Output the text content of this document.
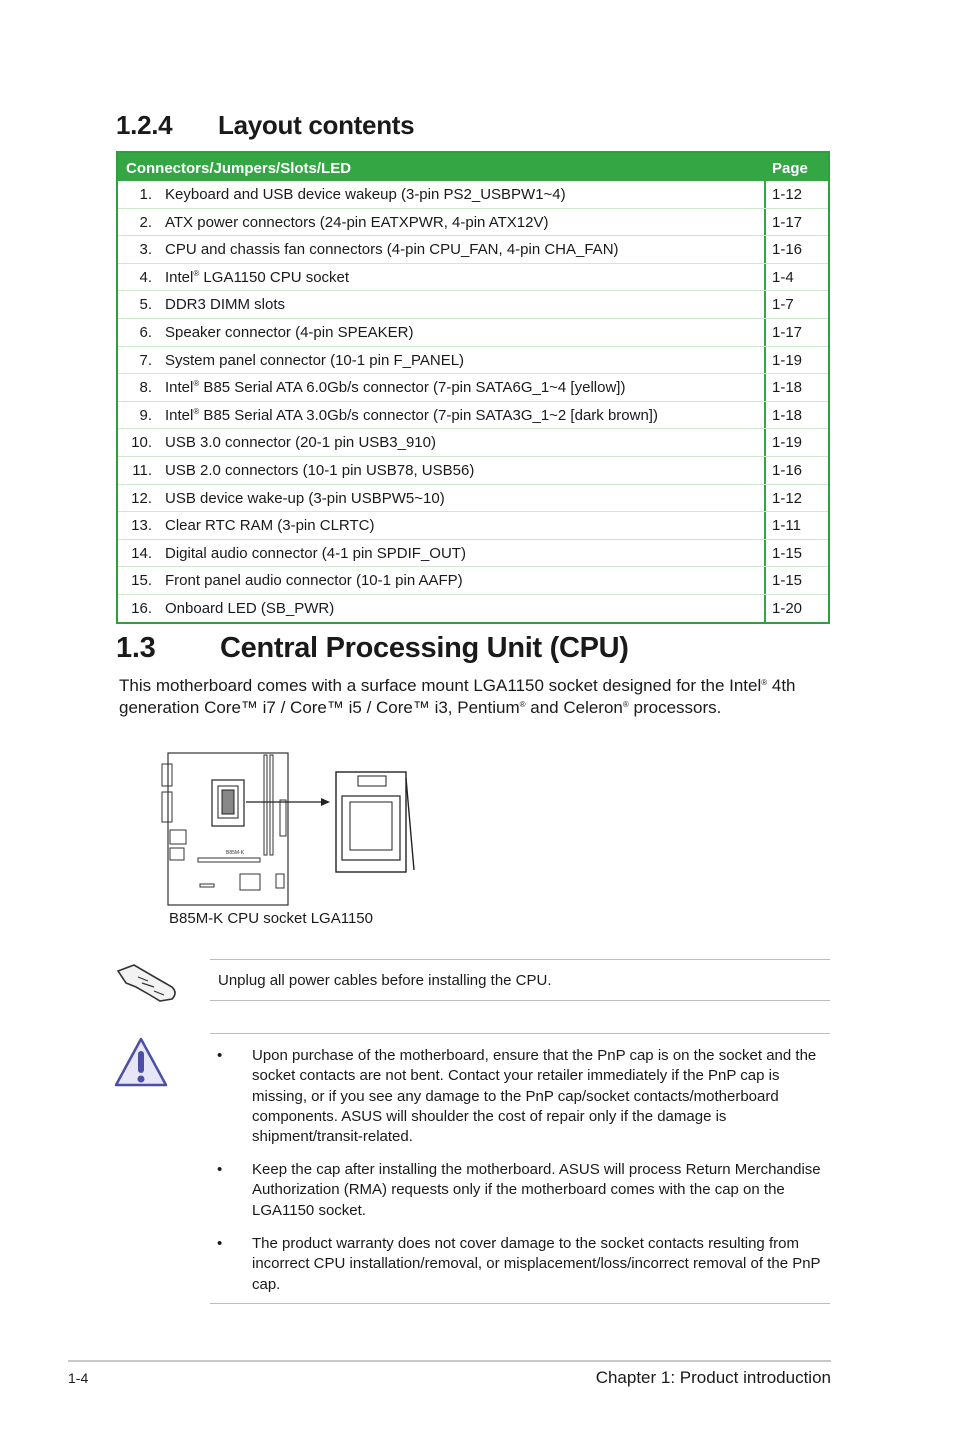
1.2.4 Layout contents
Connectors/Jumpers/Slots/LED	Page
1. Keyboard and USB device wakeup (3-pin PS2_USBPW1~4)	1-12
2. ATX power connectors (24-pin EATXPWR, 4-pin ATX12V)	1-17
3. CPU and chassis fan connectors (4-pin CPU_FAN, 4-pin CHA_FAN)	1-16
4. Intel® LGA1150 CPU socket	1-4
5. DDR3 DIMM slots	1-7
6. Speaker connector (4-pin SPEAKER)	1-17
7. System panel connector (10-1 pin F_PANEL)	1-19
8. Intel® B85 Serial ATA 6.0Gb/s connector (7-pin SATA6G_1~4 [yellow])	1-18
9. Intel® B85 Serial ATA 3.0Gb/s connector (7-pin SATA3G_1~2 [dark brown])	1-18
10. USB 3.0 connector (20-1 pin USB3_910)	1-19
11. USB 2.0 connectors (10-1 pin USB78, USB56)	1-16
12. USB device wake-up (3-pin USBPW5~10)	1-12
13. Clear RTC RAM (3-pin CLRTC)	1-11
14. Digital audio connector (4-1 pin SPDIF_OUT)	1-15
15. Front panel audio connector (10-1 pin AAFP)	1-15
16. Onboard LED (SB_PWR)	1-20
1.3 Central Processing Unit (CPU)

This motherboard comes with a surface mount LGA1150 socket designed for the Intel® 4th

generation Core™ i7 / Core™ i5 / Core™ i3, Pentium® and Celeron® processors.

B85M-K
B85M-K CPU socket LGA1150
Unplug all power cables before installing the CPU.
• Upon purchase of the motherboard, ensure that the PnP cap is on the socket and the socket contacts are not bent. Contact your retailer immediately if the PnP cap is missing, or if you see any damage to the PnP cap/socket contacts/motherboard components. ASUS will shoulder the cost of repair only if the damage is shipment/transit-related.
• Keep the cap after installing the motherboard. ASUS will process Return Merchandise Authorization (RMA) requests only if the motherboard comes with the cap on the LGA1150 socket.
• The product warranty does not cover damage to the socket contacts resulting from incorrect CPU installation/removal, or misplacement/loss/incorrect removal of the PnP cap.
1-4	Chapter 1: Product introduction
